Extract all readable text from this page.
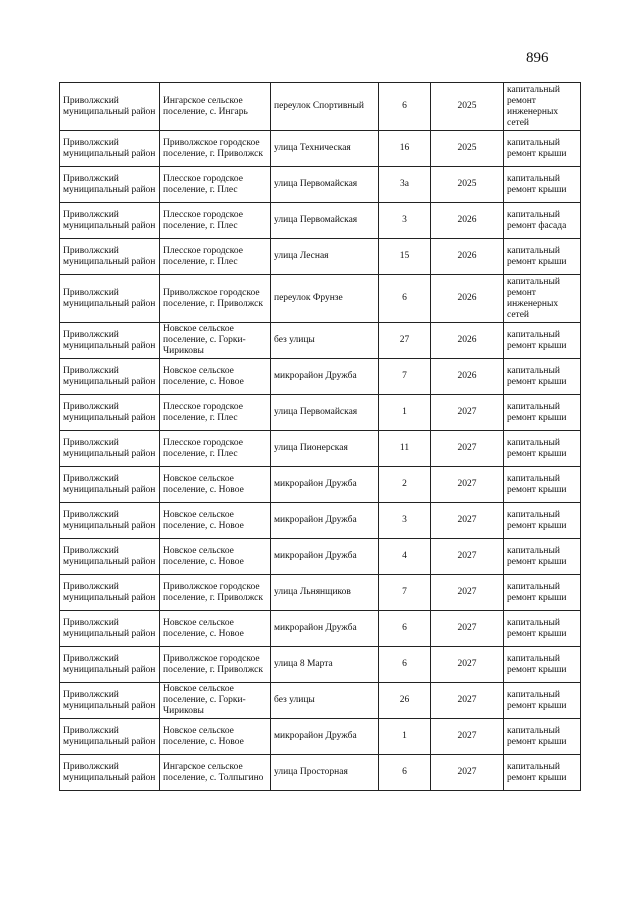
896
Приволжский муниципальный район	Ингарское сельское поселение, с. Ингарь	переулок Спортивный	6	2025	капитальный ремонт инженерных сетей
Приволжский муниципальный район	Приволжское городское поселение, г. Приволжск	улица Техническая	16	2025	капитальный ремонт крыши
Приволжский муниципальный район	Плесское городское поселение, г. Плес	улица Первомайская	3а	2025	капитальный ремонт крыши
Приволжский муниципальный район	Плесское городское поселение, г. Плес	улица Первомайская	3	2026	капитальный ремонт фасада
Приволжский муниципальный район	Плесское городское поселение, г. Плес	улица Лесная	15	2026	капитальный ремонт крыши
Приволжский муниципальный район	Приволжское городское поселение, г. Приволжск	переулок Фрунзе	6	2026	капитальный ремонт инженерных сетей
Приволжский муниципальный район	Новское сельское поселение, с. Горки-Чириковы	без улицы	27	2026	капитальный ремонт крыши
Приволжский муниципальный район	Новское сельское поселение, с. Новое	микрорайон Дружба	7	2026	капитальный ремонт крыши
Приволжский муниципальный район	Плесское городское поселение, г. Плес	улица Первомайская	1	2027	капитальный ремонт крыши
Приволжский муниципальный район	Плесское городское поселение, г. Плес	улица Пионерская	11	2027	капитальный ремонт крыши
Приволжский муниципальный район	Новское сельское поселение, с. Новое	микрорайон Дружба	2	2027	капитальный ремонт крыши
Приволжский муниципальный район	Новское сельское поселение, с. Новое	микрорайон Дружба	3	2027	капитальный ремонт крыши
Приволжский муниципальный район	Новское сельское поселение, с. Новое	микрорайон Дружба	4	2027	капитальный ремонт крыши
Приволжский муниципальный район	Приволжское городское поселение, г. Приволжск	улица Льнянщиков	7	2027	капитальный ремонт крыши
Приволжский муниципальный район	Новское сельское поселение, с. Новое	микрорайон Дружба	6	2027	капитальный ремонт крыши
Приволжский муниципальный район	Приволжское городское поселение, г. Приволжск	улица 8 Марта	6	2027	капитальный ремонт крыши
Приволжский муниципальный район	Новское сельское поселение, с. Горки-Чириковы	без улицы	26	2027	капитальный ремонт крыши
Приволжский муниципальный район	Новское сельское поселение, с. Новое	микрорайон Дружба	1	2027	капитальный ремонт крыши
Приволжский муниципальный район	Ингарское сельское поселение, с. Толпыгино	улица Просторная	6	2027	капитальный ремонт крыши
